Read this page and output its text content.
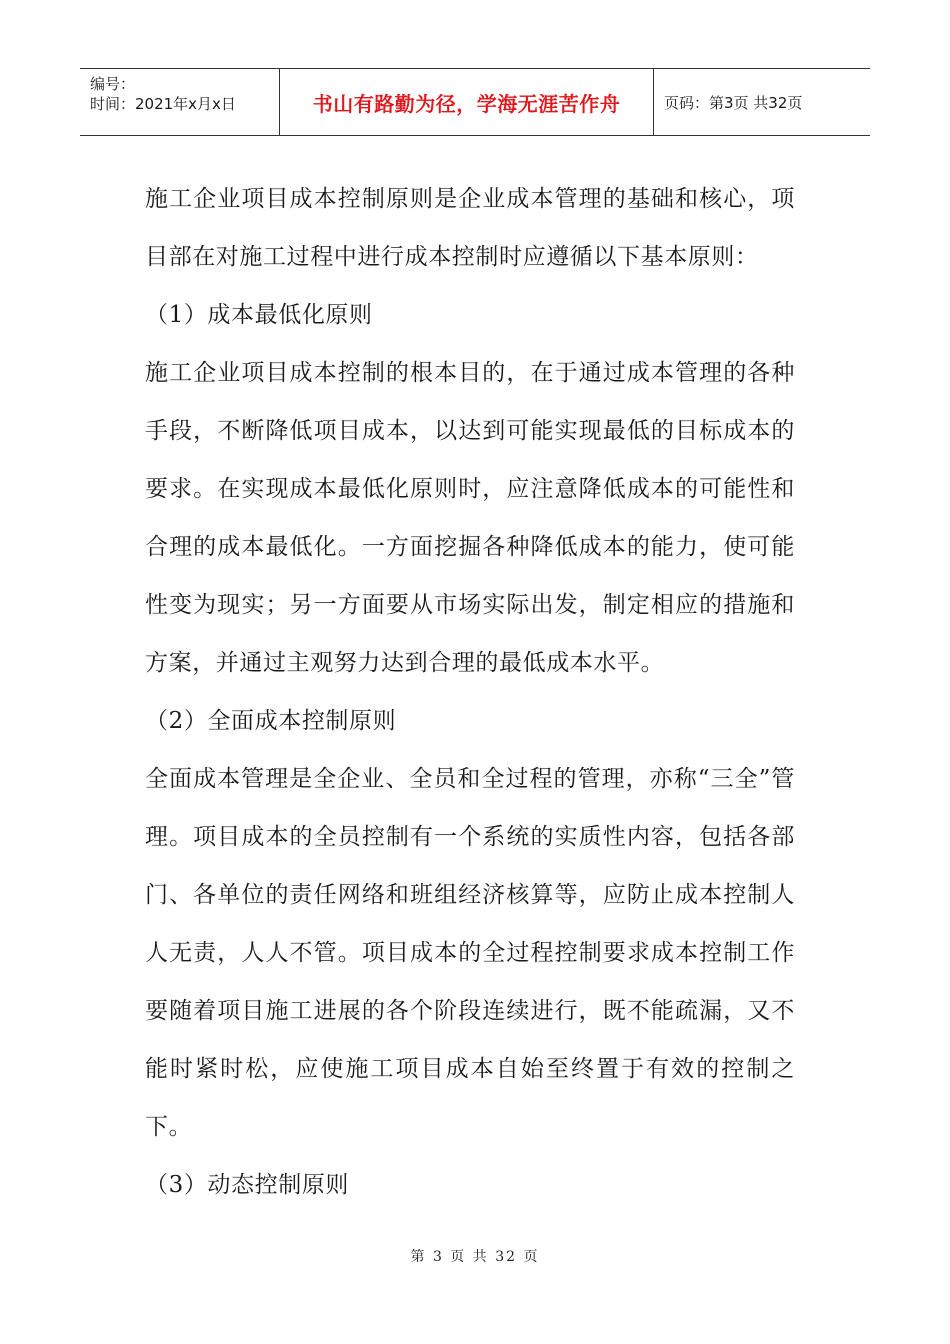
编号：
时间：2021年x月x日	书山有路勤为径，学海无涯苦作舟	页码：第3页 共32页

施工企业项目成本控制原则是企业成本管理的基础和核心，项目部在对施工过程中进行成本控制时应遵循以下基本原则：

（1）成本最低化原则

施工企业项目成本控制的根本目的，在于通过成本管理的各种手段，不断降低项目成本，以达到可能实现最低的目标成本的要求。在实现成本最低化原则时，应注意降低成本的可能性和合理的成本最低化。一方面挖掘各种降低成本的能力，使可能性变为现实；另一方面要从市场实际出发，制定相应的措施和方案，并通过主观努力达到合理的最低成本水平。

（2）全面成本控制原则

全面成本管理是全企业、全员和全过程的管理，亦称“三全”管理。项目成本的全员控制有一个系统的实质性内容，包括各部门、各单位的责任网络和班组经济核算等，应防止成本控制人人无责，人人不管。项目成本的全过程控制要求成本控制工作要随着项目施工进展的各个阶段连续进行，既不能疏漏，又不能时紧时松，应使施工项目成本自始至终置于有效的控制之下。

（3）动态控制原则

第 3 页 共 32 页
